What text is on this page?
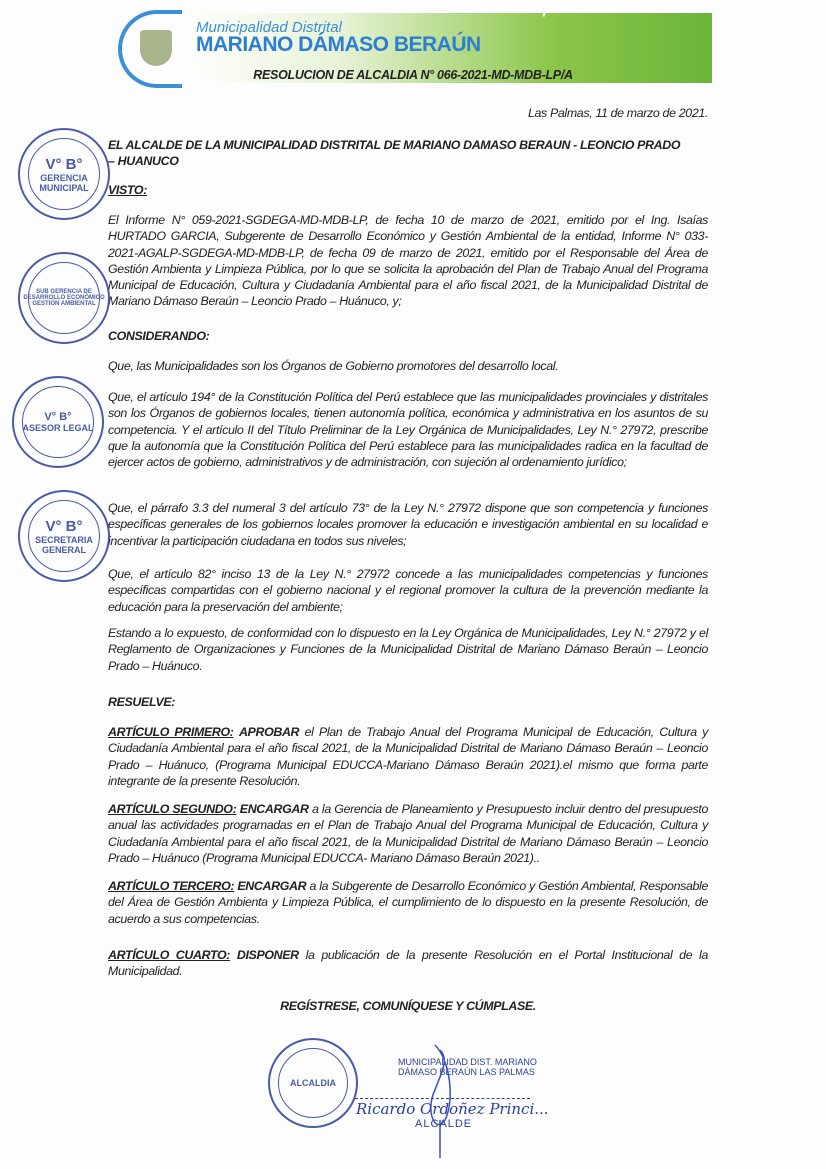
Municipalidad Distrital
MARIANO DÁMASO BERAÚN
Emporio turístico...
RESOLUCION DE ALCALDIA N° 066-2021-MD-MDB-LP/A
Las Palmas, 11 de marzo de 2021.
EL ALCALDE DE LA MUNICIPALIDAD DISTRITAL DE MARIANO DAMASO BERAUN - LEONCIO PRADO – HUANUCO
VISTO:
El Informe N° 059-2021-SGDEGA-MD-MDB-LP, de fecha 10 de marzo de 2021, emitido por el Ing. Isaías HURTADO GARCIA, Subgerente de Desarrollo Económico y Gestión Ambiental de la entidad, Informe N° 033-2021-AGALP-SGDEGA-MD-MDB-LP, de fecha 09 de marzo de 2021, emitido por el Responsable del Área de Gestión Ambienta y Limpieza Pública, por lo que se solicita la aprobación del Plan de Trabajo Anual del Programa Municipal de Educación, Cultura y Ciudadanía Ambiental para el año fiscal 2021, de la Municipalidad Distrital de Mariano Dámaso Beraún – Leoncio Prado – Huánuco, y;
CONSIDERANDO:
Que, las Municipalidades son los Órganos de Gobierno promotores del desarrollo local.
Que, el artículo 194° de la Constitución Política del Perú establece que las municipalidades provinciales y distritales son los Órganos de gobiernos locales, tienen autonomía política, económica y administrativa en los asuntos de su competencia. Y el artículo II del Título Preliminar de la Ley Orgánica de Municipalidades, Ley N.° 27972, prescribe que la autonomía que la Constitución Política del Perú establece para las municipalidades radica en la facultad de ejercer actos de gobierno, administrativos y de administración, con sujeción al ordenamiento jurídico;
Que, el párrafo 3.3 del numeral 3 del artículo 73° de la Ley N.° 27972 dispone que son competencia y funciones específicas generales de los gobiernos locales promover la educación e investigación ambiental en su localidad e incentivar la participación ciudadana en todos sus niveles;
Que, el artículo 82° inciso 13 de la Ley N.° 27972 concede a las municipalidades competencias y funciones específicas compartidas con el gobierno nacional y el regional promover la cultura de la prevención mediante la educación para la preservación del ambiente;
Estando a lo expuesto, de conformidad con lo dispuesto en la Ley Orgánica de Municipalidades, Ley N.° 27972 y el Reglamento de Organizaciones y Funciones de la Municipalidad Distrital de Mariano Dámaso Beraún – Leoncio Prado – Huánuco.
RESUELVE:
ARTÍCULO PRIMERO: APROBAR el Plan de Trabajo Anual del Programa Municipal de Educación, Cultura y Ciudadanía Ambiental para el año fiscal 2021, de la Municipalidad Distrital de Mariano Dámaso Beraún – Leoncio Prado – Huánuco, (Programa Municipal EDUCCA-Mariano Dámaso Beraún 2021).el mismo que forma parte integrante de la presente Resolución.
ARTÍCULO SEGUNDO: ENCARGAR a la Gerencia de Planeamiento y Presupuesto incluir dentro del presupuesto anual las actividades programadas en el Plan de Trabajo Anual del Programa Municipal de Educación, Cultura y Ciudadanía Ambiental para el año fiscal 2021, de la Municipalidad Distrital de Mariano Dámaso Beraún – Leoncio Prado – Huánuco (Programa Municipal EDUCCA- Mariano Dámaso Beraún 2021)..
ARTÍCULO TERCERO: ENCARGAR a la Subgerente de Desarrollo Económico y Gestión Ambiental, Responsable del Área de Gestión Ambienta y Limpieza Pública, el cumplimiento de lo dispuesto en la presente Resolución, de acuerdo a sus competencias.
ARTÍCULO CUARTO: DISPONER la publicación de la presente Resolución en el Portal Institucional de la Municipalidad.
REGÍSTRESE, COMUNÍQUESE Y CÚMPLASE.
V° B°
GERENCIA MUNICIPAL
SUB GERENCIA DE DESARROLLO ECONÓMICO
GESTIÓN AMBIENTAL
V° B°
ASESOR LEGAL
V° B°
SECRETARIA GENERAL
ALCALDIA
MUNICIPALIDAD DIST. MARIANO DÁMASO BERAÚN LAS PALMAS
Ricardo Ordoñez Princi...
ALCALDE
